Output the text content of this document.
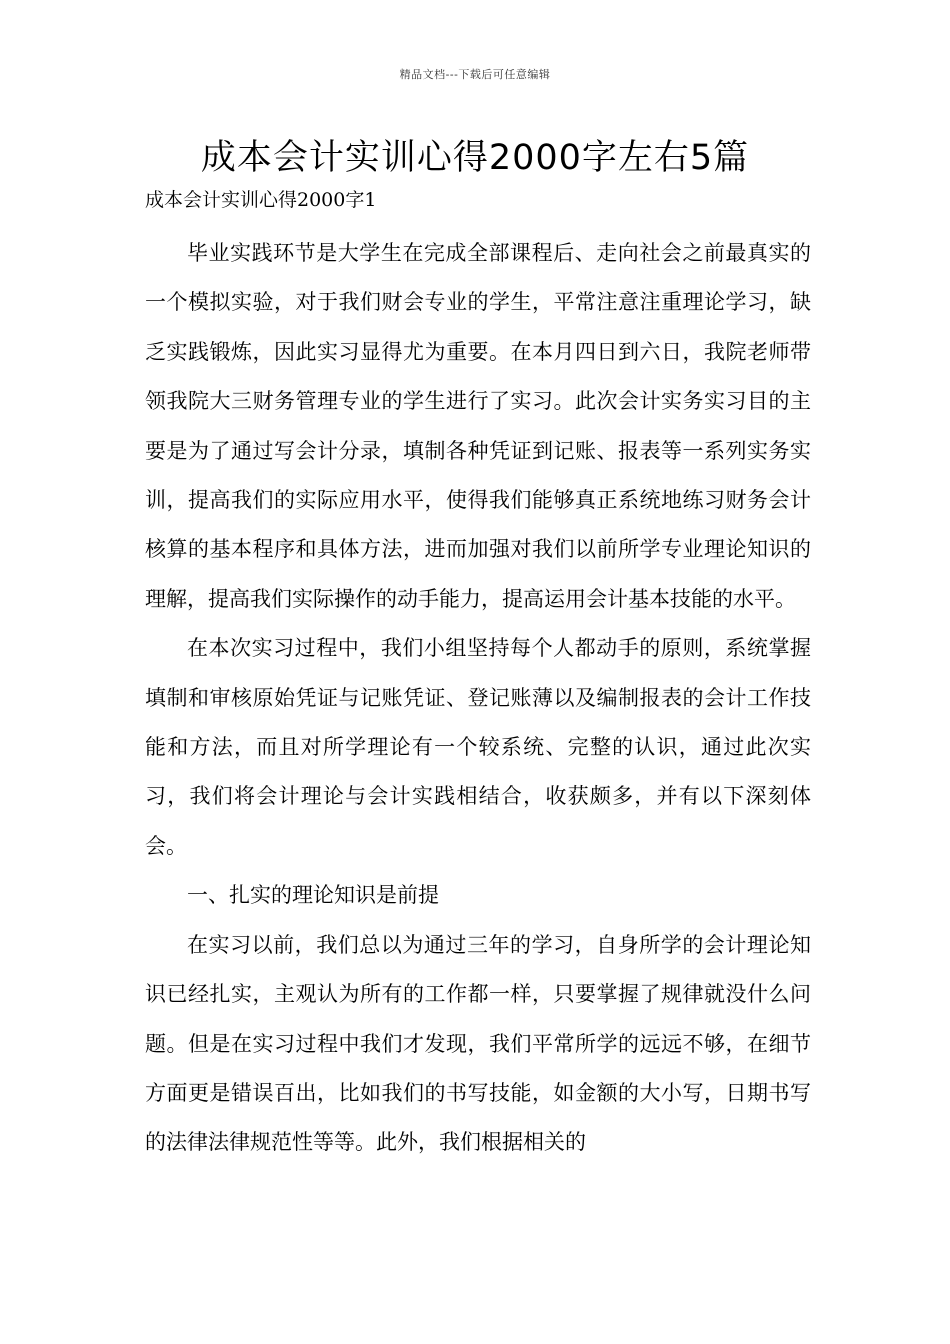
精品文档---下载后可任意编辑
成本会计实训心得2000字左右5篇

成本会计实训心得2000字1

毕业实践环节是大学生在完成全部课程后、走向社会之前最真实的一个模拟实验，对于我们财会专业的学生，平常注意注重理论学习，缺乏实践锻炼，因此实习显得尤为重要。在本月四日到六日，我院老师带领我院大三财务管理专业的学生进行了实习。此次会计实务实习目的主要是为了通过写会计分录，填制各种凭证到记账、报表等一系列实务实训，提高我们的实际应用水平，使得我们能够真正系统地练习财务会计核算的基本程序和具体方法，进而加强对我们以前所学专业理论知识的理解，提高我们实际操作的动手能力，提高运用会计基本技能的水平。

在本次实习过程中，我们小组坚持每个人都动手的原则，系统掌握填制和审核原始凭证与记账凭证、登记账薄以及编制报表的会计工作技能和方法，而且对所学理论有一个较系统、完整的认识，通过此次实习，我们将会计理论与会计实践相结合，收获颇多，并有以下深刻体会。

一、扎实的理论知识是前提

在实习以前，我们总以为通过三年的学习，自身所学的会计理论知识已经扎实，主观认为所有的工作都一样，只要掌握了规律就没什么问题。但是在实习过程中我们才发现，我们平常所学的远远不够，在细节方面更是错误百出，比如我们的书写技能，如金额的大小写，日期书写的法律法律规范性等等。此外，我们根据相关的
